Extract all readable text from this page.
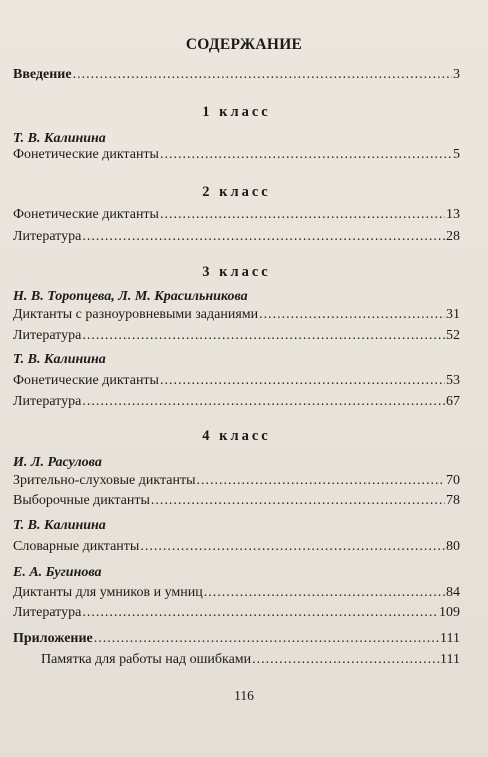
СОДЕРЖАНИЕ
Введение .....	3
1 класс
Т. В. Калинина
Фонетические диктанты .....	5
2 класс
Фонетические диктанты .....	13
Литература .....	28
3 класс
Н. В. Торопцева, Л. М. Красильникова
Диктанты с разноуровневыми заданиями .....	31
Литература .....	52
Т. В. Калинина
Фонетические диктанты .....	53
Литература .....	67
4 класс
И. Л. Расулова
Зрительно-слуховые диктанты .....	70
Выборочные диктанты .....	78
Т. В. Калинина
Словарные диктанты .....	80
Е. А. Бугинова
Диктанты для умников и умниц .....	84
Литература .....	109
Приложение .....	111
Памятка для работы над ошибками .....	111
116
